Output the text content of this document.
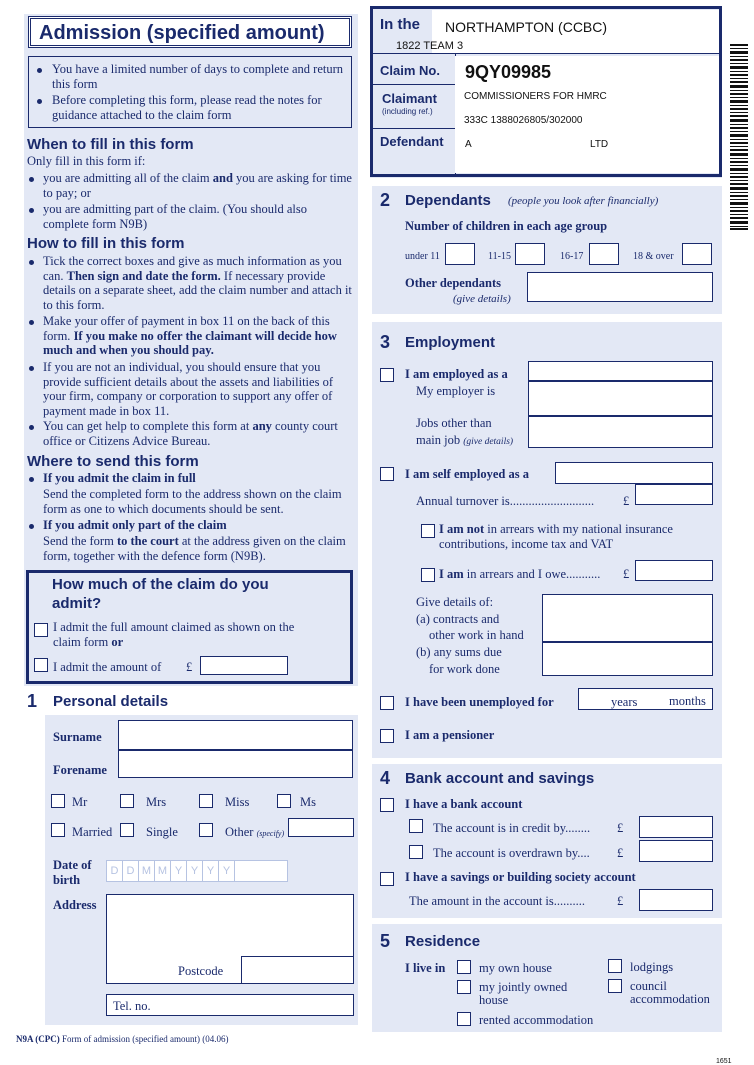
Admission (specified amount)
You have a limited number of days to complete and return this form
Before completing this form, please read the notes for guidance attached to the claim form
When to fill in this form
Only fill in this form if:
you are admitting all of the claim and you are asking for time to pay; or
you are admitting part of the claim. (You should also complete form N9B)
How to fill in this form
Tick the correct boxes and give as much information as you can. Then sign and date the form. If necessary provide details on a separate sheet, add the claim number and attach it to this form.
Make your offer of payment in box 11 on the back of this form. If you make no offer the claimant will decide how much and when you should pay.
If you are not an individual, you should ensure that you provide sufficient details about the assets and liabilities of your firm, company or corporation to support any offer of payment made in box 11.
You can get help to complete this form at any county court office or Citizens Advice Bureau.
Where to send this form
If you admit the claim in full
Send the completed form to the address shown on the claim form as one to which documents should be sent.
If you admit only part of the claim
Send the form to the court at the address given on the claim form, together with the defence form (N9B).
How much of the claim do you admit?
I admit the full amount claimed as shown on the claim form or
I admit the amount of £
1 Personal details
Surname
Forename
Mr	Mrs	Miss	Ms
Married	Single	Other (specify)
Date of birth
D D M M Y Y Y Y
Address
Postcode
Tel. no.
N9A (CPC) Form of admission (specified amount) (04.06)
In the NORTHAMPTON (CCBC)
1822 TEAM 3
Claim No. 9QY09985
Claimant
(including ref.)
COMMISSIONERS FOR HMRC
333C 1388026805/302000
Defendant A	LTD
2 Dependants (people you look after financially)
Number of children in each age group
under 11	11-15	16-17	18 & over
Other dependants
(give details)
3 Employment
I am employed as a
My employer is
Jobs other than
main job (give details)
I am self employed as a
Annual turnover is........................... £
I am not in arrears with my national insurance contributions, income tax and VAT
I am in arrears and I owe........... £
Give details of:
(a) contracts and
other work in hand
(b) any sums due
for work done
I have been unemployed for	years	months
I am a pensioner
4 Bank account and savings
I have a bank account
The account is in credit by........ £
The account is overdrawn by.... £
I have a savings or building society account
The amount in the account is..........	£
5 Residence
I live in	my own house
my jointly owned
house
rented accommodation
lodgings
council
accommodation
1651
